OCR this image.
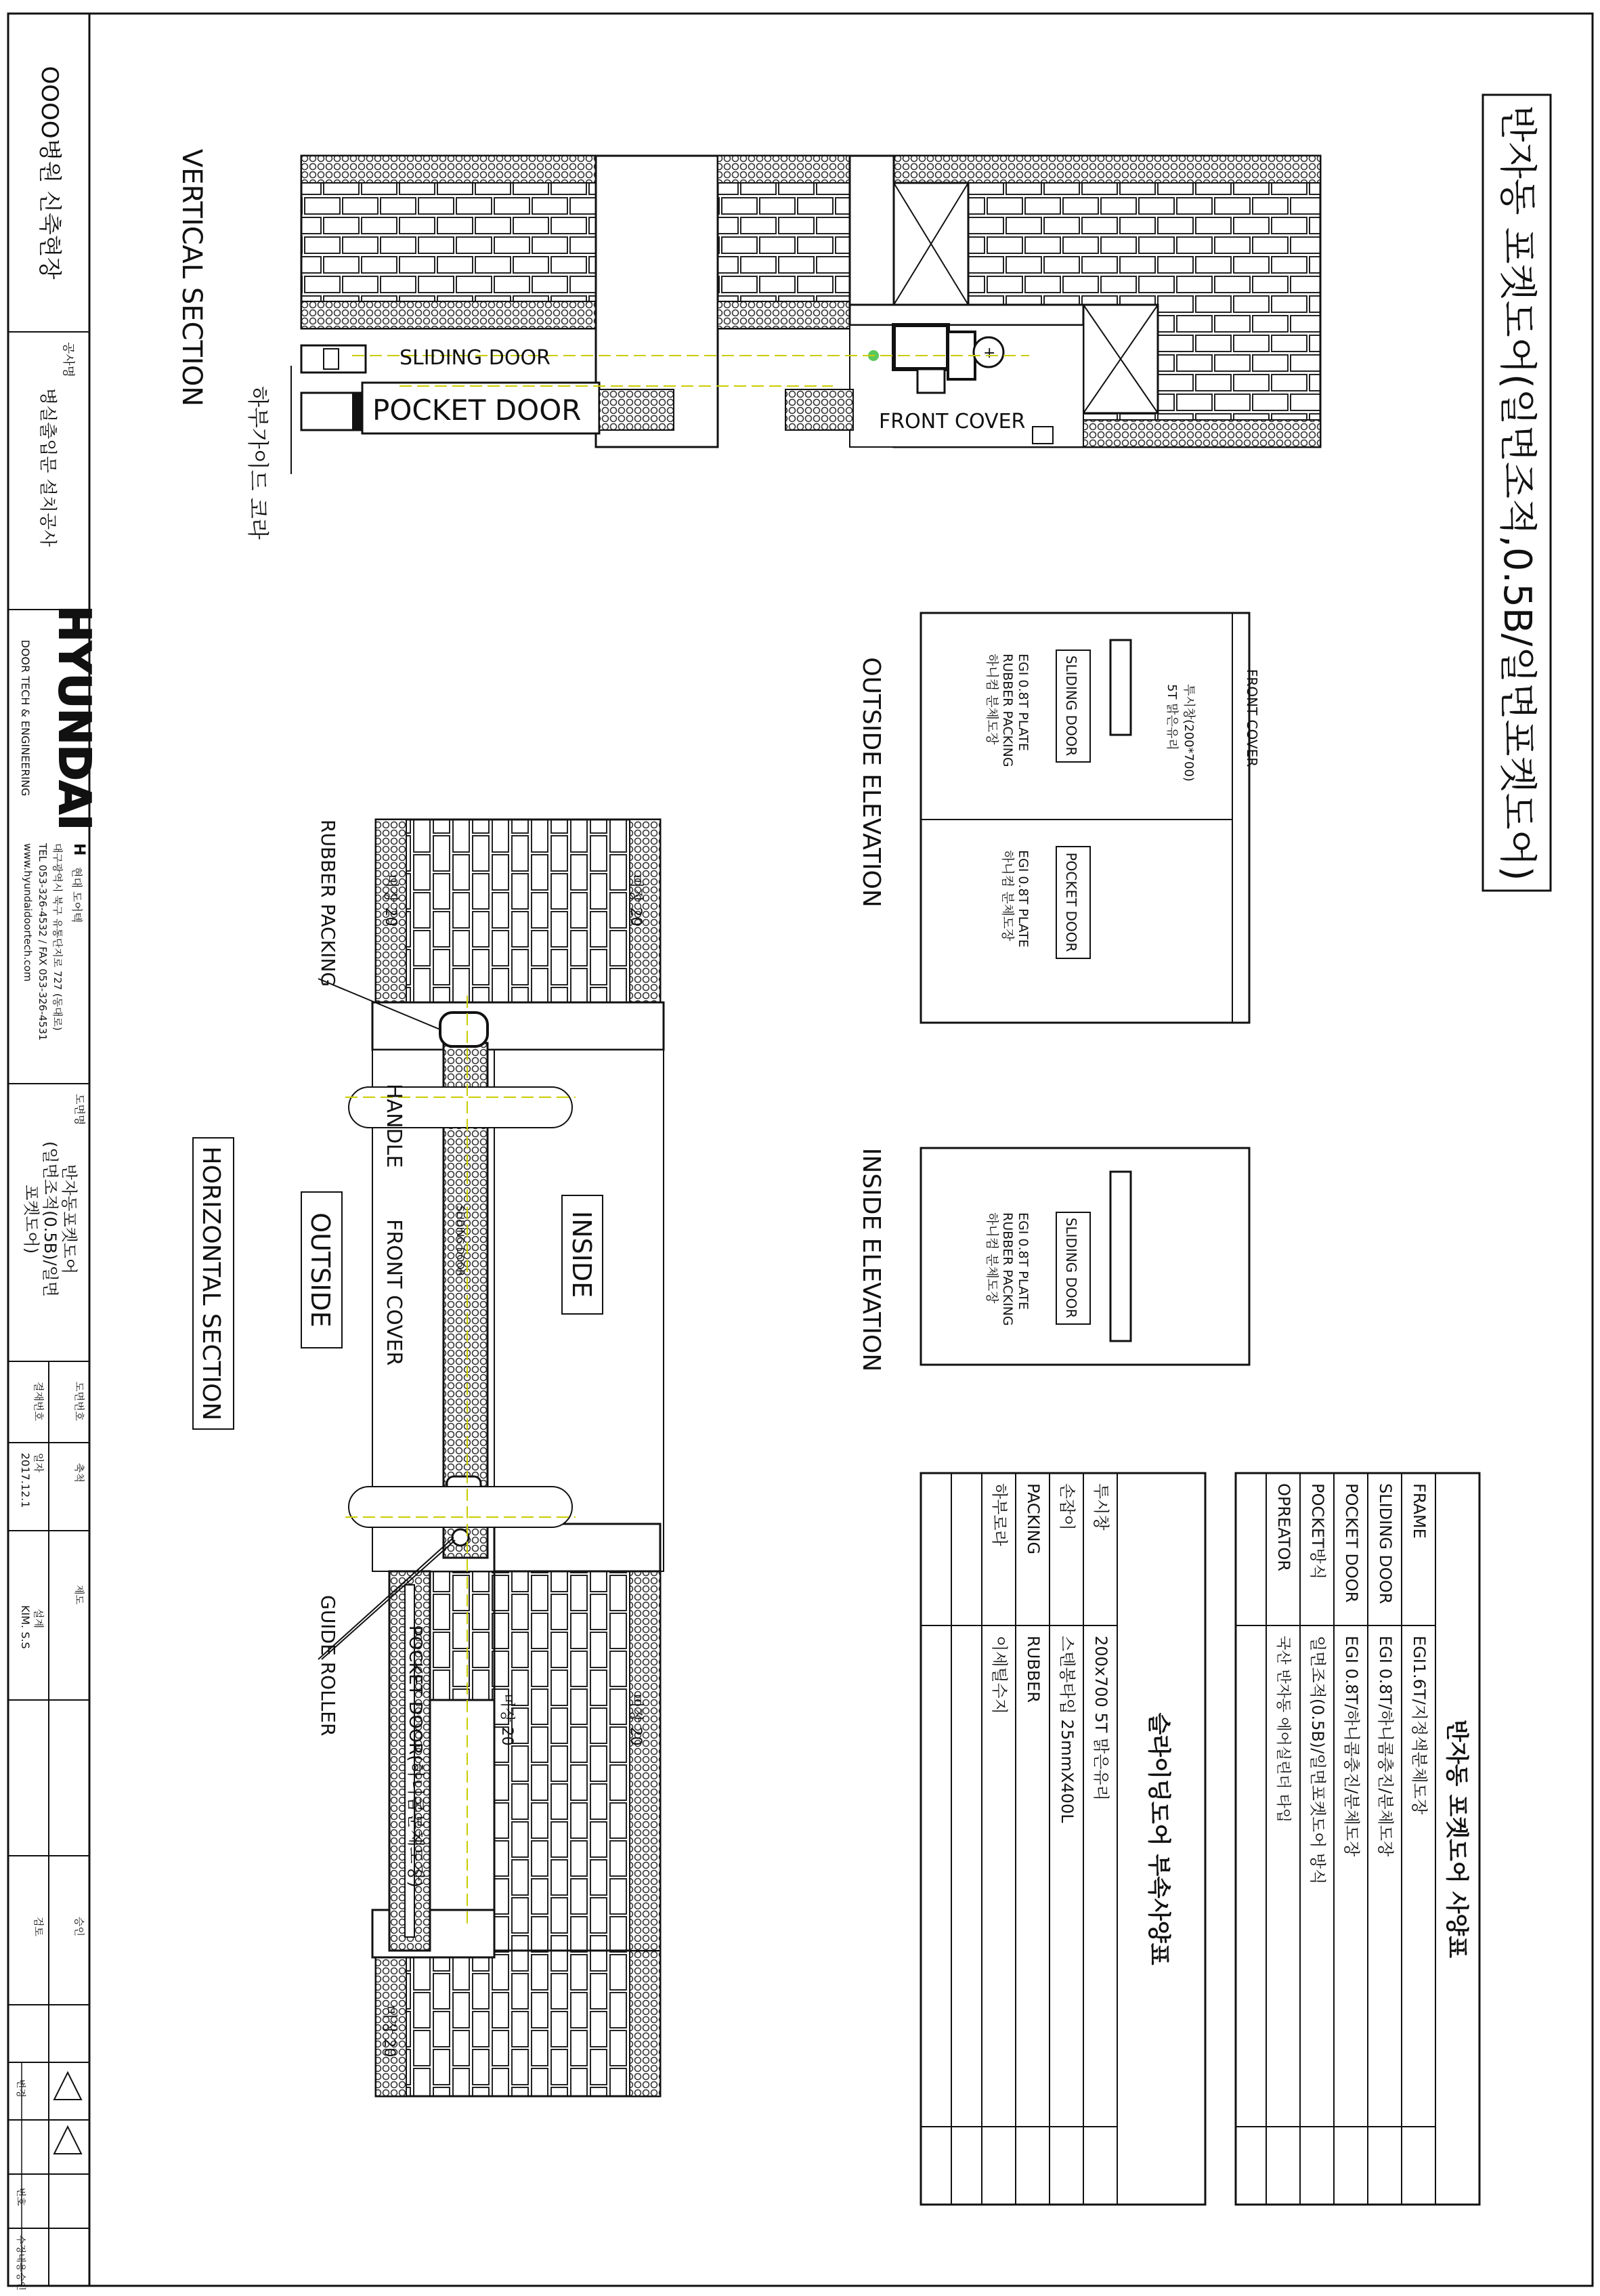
OOOO병원 신축현장
공사명
병실출입문 설치공사
HYUNDAI
DOOR TECH & ENGINEERING
H
현대 도어텍
대구광역시 북구 유통단지로 727 (동대로)
TEL 053-326-4532 / FAX 053-326-4531
www.hyundaidoortech.com
도면명
반자동포켓도어
(일면조적(0.5B)/일면
포켓도어)
도면번호
결재번호
축척
일자
2017.12.1
제도
설계
KIM. S.S
검토	승인
변경
번호
수정내용
승인
반자동 포켓도어(일면조적,0.5B/일면포켓도어)
+
SLIDING DOOR
POCKET DOOR	FRONT COVER
VERTICAL SECTION
하부가이드 코라
FRONT COVER
투시창(200*700)
5T 맑은유리
SLIDING DOOR
EGI 0.8T PLATE
RUBBER PACKING
하니컴 분체도장
POCKET DOOR
EGI 0.8T PLATE
하니컴 분체도장
OUTSIDE ELEVATION
SLIDING DOOR
EGI 0.8T PLATE
RUBBER PACKING
하니컴 분체도장
INSIDE ELEVATION
RUBBER PACKING
HANDLE
FRONT COVER	SLIDING DOOR
OUTSIDE	INSIDE
HORIZONTAL SECTION
GUIDE ROLLER	POCKET DOOR(하니콤분체도장)
미장 20	미장 20
미장 20	미장 20
미장 20
반자동 포켓도어 사양표
FRAME
EGI1.6T/지정색분체도장
SLIDING DOOR
EGI 0.8T/하니콤충진/분체도장
POCKET DOOR
EGI 0.8T/하니콤충진/분체도장
POCKET방식
일면조적(0.5B)/일면포켓도어 방식
OPREATOR
국산 반자동 에어실린더 타입
슬라이딩도어 부속사양표
투시창
200x700 5T 맑은유리
손잡이
스텐봉타입 25mmX400L
PACKING
RUBBER
하부로라
이세틸수지
